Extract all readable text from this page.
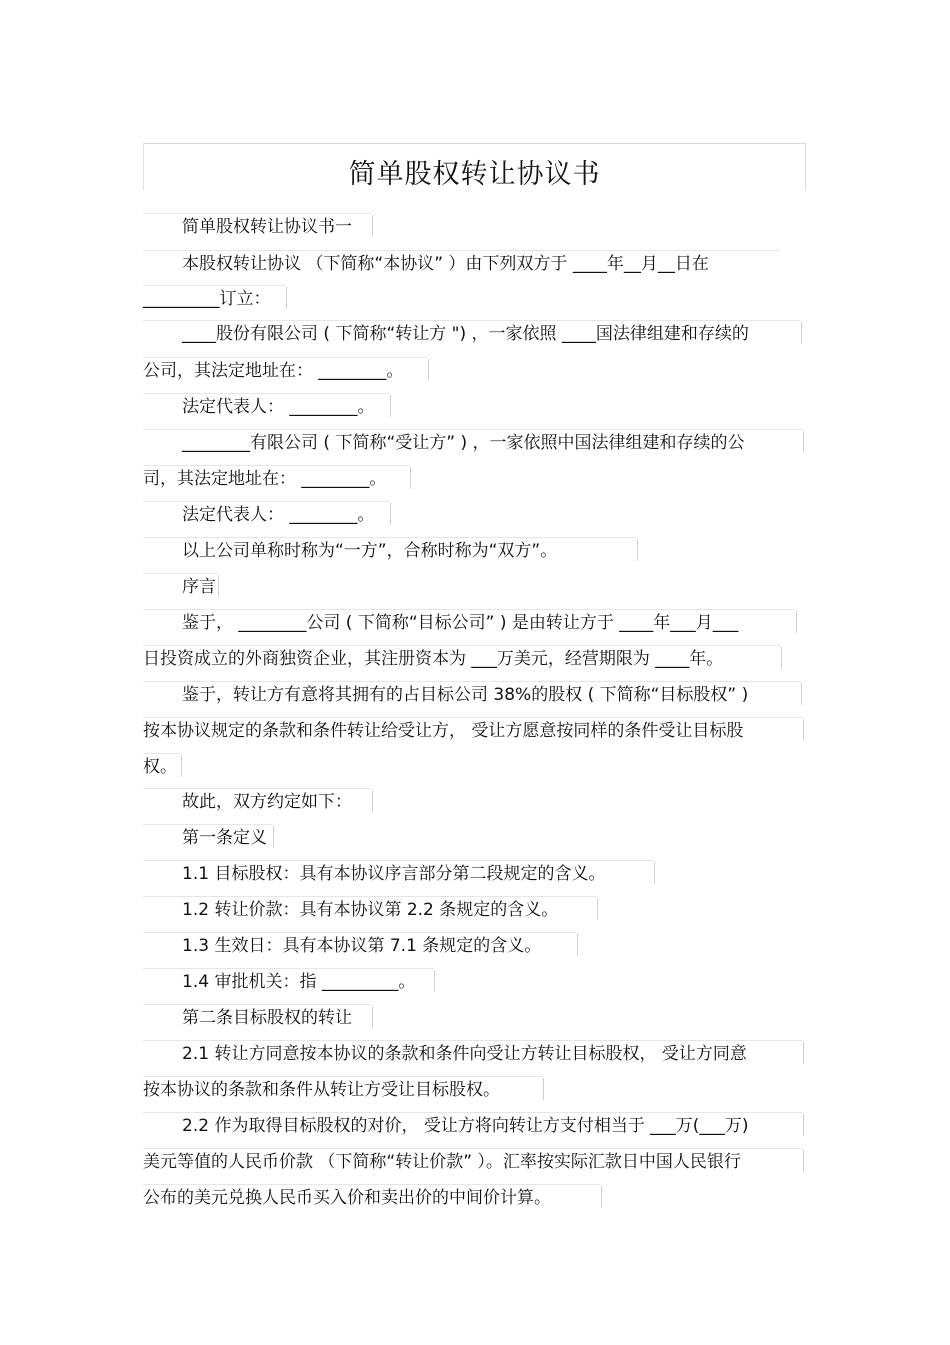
简单股权转让协议书
简单股权转让协议书一
本股权转让协议 （下简称“本协议” ）由下列双方于 ____年__月__日在
_________订立：
____股份有限公司 ( 下简称“转让方 ") ，一家依照 ____国法律组建和存续的
公司，其法定地址在： ________。
法定代表人： ________。
________有限公司 ( 下简称“受让方” ) ，一家依照中国法律组建和存续的公
司，其法定地址在： ________。
法定代表人： ________。
以上公司单称时称为“一方”，合称时称为“双方”。
序言
鉴于， ________公司 ( 下简称“目标公司” ) 是由转让方于 ____年___月___
日投资成立的外商独资企业，其注册资本为 ___万美元，经营期限为 ____年。
鉴于，转让方有意将其拥有的占目标公司 38%的股权 ( 下简称“目标股权” )
按本协议规定的条款和条件转让给受让方， 受让方愿意按同样的条件受让目标股
权。
故此，双方约定如下：
第一条定义
1.1 目标股权：具有本协议序言部分第二段规定的含义。
1.2 转让价款：具有本协议第 2.2 条规定的含义。
1.3 生效日：具有本协议第 7.1 条规定的含义。
1.4 审批机关：指 _________。
第二条目标股权的转让
2.1 转让方同意按本协议的条款和条件向受让方转让目标股权， 受让方同意
按本协议的条款和条件从转让方受让目标股权。
2.2 作为取得目标股权的对价， 受让方将向转让方支付相当于 ___万(___万)
美元等值的人民币价款 （下简称“转让价款” ）。汇率按实际汇款日中国人民银行
公布的美元兑换人民币买入价和卖出价的中间价计算。
